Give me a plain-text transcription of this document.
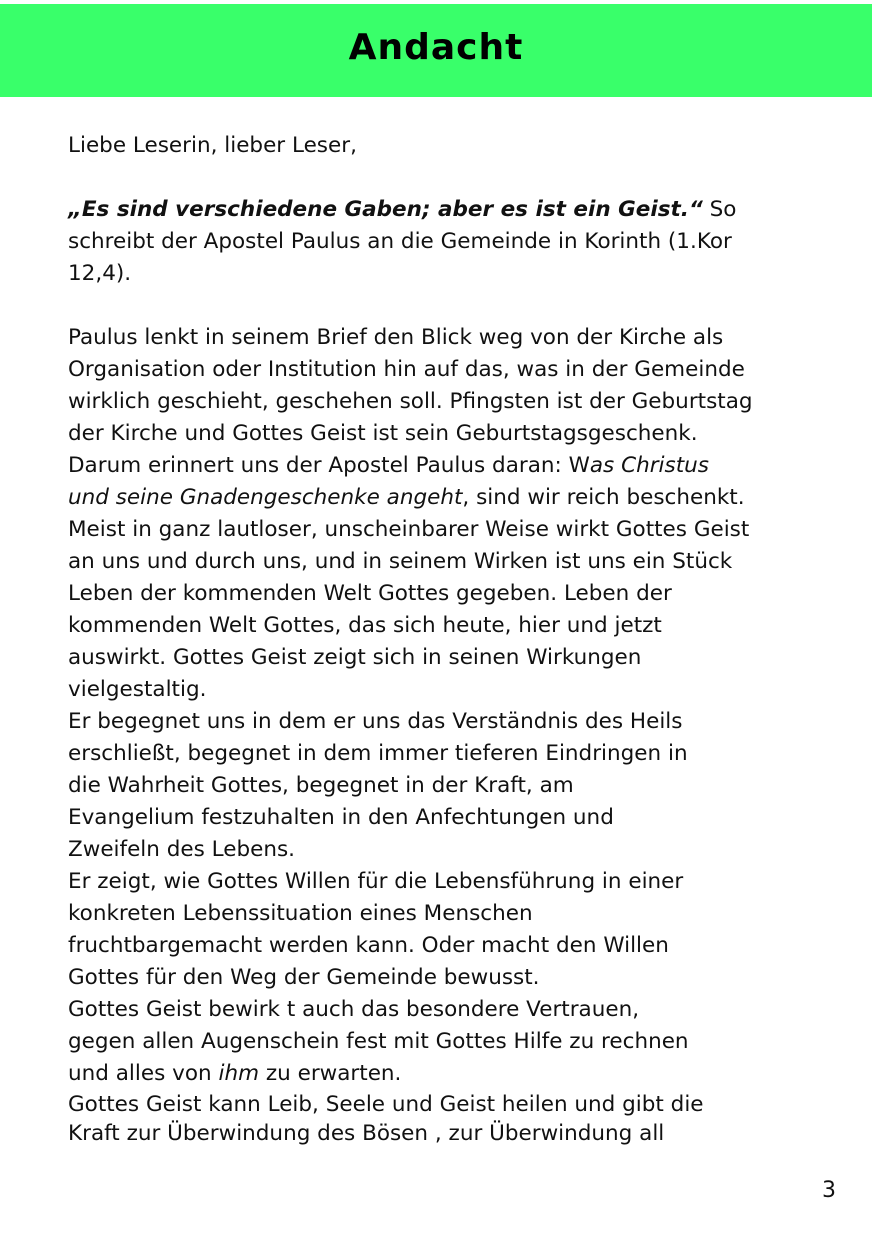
Andacht
Liebe Leserin, lieber Leser,
„Es sind verschiedene Gaben; aber es ist ein Geist.“ So
schreibt der Apostel Paulus an die Gemeinde in Korinth (1.Kor
12,4).
Paulus lenkt in seinem Brief den Blick weg von der Kirche als
Organisation oder Institution hin auf das, was in der Gemeinde
wirklich geschieht, geschehen soll. Pfingsten ist der Geburtstag
der Kirche und Gottes Geist ist sein Geburtstagsgeschenk.
Darum erinnert uns der Apostel Paulus daran: Was Christus
und seine Gnadengeschenke angeht, sind wir reich beschenkt.
Meist in ganz lautloser, unscheinbarer Weise wirkt Gottes Geist
an uns und durch uns, und in seinem Wirken ist uns ein Stück
Leben der kommenden Welt Gottes gegeben. Leben der
kommenden Welt Gottes, das sich heute, hier und jetzt
auswirkt. Gottes Geist zeigt sich in seinen Wirkungen
vielgestaltig.
Er begegnet uns in dem er uns das Verständnis des Heils
erschließt, begegnet in dem immer tieferen Eindringen in
die Wahrheit Gottes, begegnet in der Kraft, am
Evangelium festzuhalten in den Anfechtungen und
Zweifeln des Lebens.
Er zeigt, wie Gottes Willen für die Lebensführung in einer
konkreten Lebenssituation eines Menschen
fruchtbargemacht werden kann. Oder macht den Willen
Gottes für den Weg der Gemeinde bewusst.
Gottes Geist bewirk t auch das besondere Vertrauen,
gegen allen Augenschein fest mit Gottes Hilfe zu rechnen
und alles von ihm zu erwarten.
Gottes Geist kann Leib, Seele und Geist heilen und gibt die
Kraft zur Überwindung des Bösen , zur Überwindung all
3
